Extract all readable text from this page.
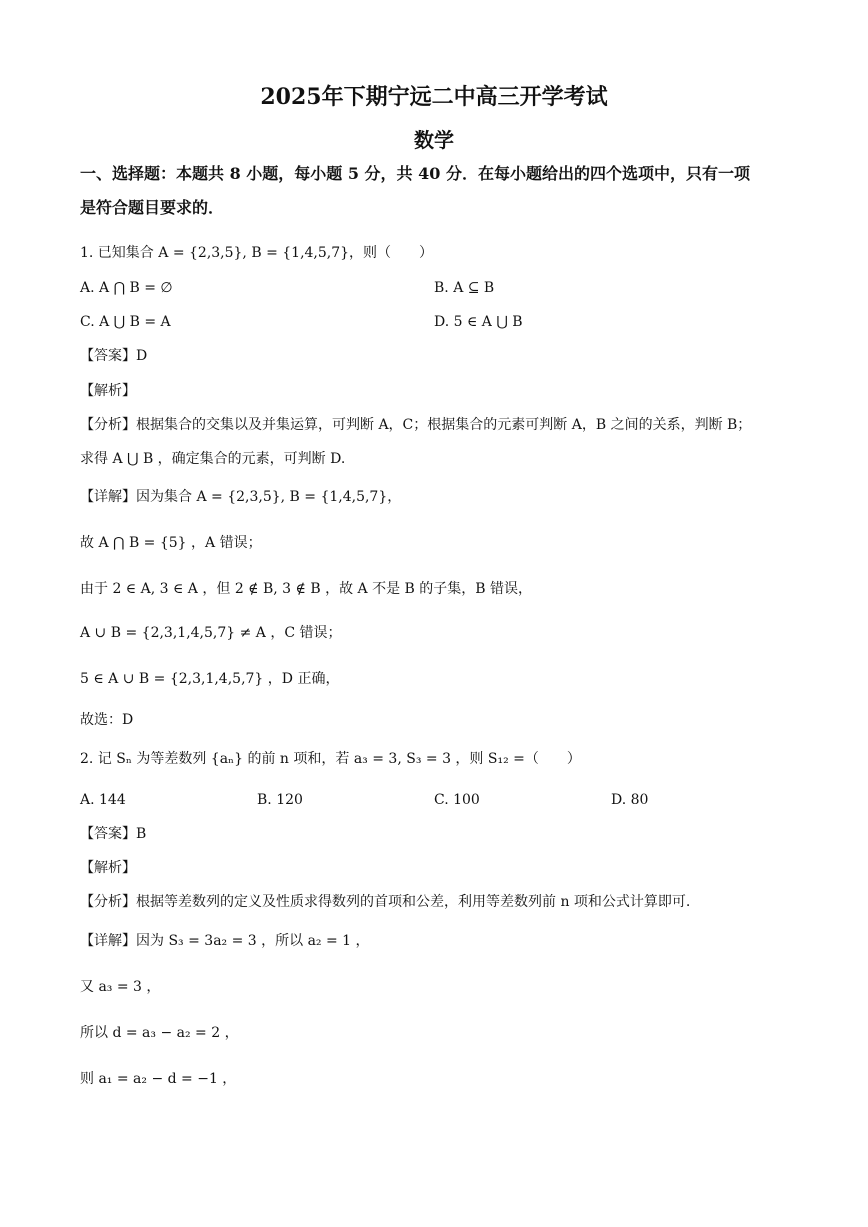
2025年下期宁远二中高三开学考试
数学
一、选择题：本题共 8 小题，每小题 5 分，共 40 分．在每小题给出的四个选项中，只有一项
是符合题目要求的．
1. 已知集合 A = {2,3,5}, B = {1,4,5,7}，则（　　）
A. A ⋂ B = ∅	B. A ⊆ B
C. A ⋃ B = A	D. 5 ∈ A ⋃ B
【答案】D
【解析】
【分析】根据集合的交集以及并集运算，可判断 A，C；根据集合的元素可判断 A，B 之间的关系，判断 B；
求得 A ⋃ B ，确定集合的元素，可判断 D.
【详解】因为集合 A = {2,3,5}, B = {1,4,5,7}，
故 A ⋂ B = {5} ，A 错误；
由于 2 ∈ A, 3 ∈ A ，但 2 ∉ B, 3 ∉ B ，故 A 不是 B 的子集，B 错误，
A ∪ B = {2,3,1,4,5,7} ≠ A ，C 错误；
5 ∈ A ∪ B = {2,3,1,4,5,7} ，D 正确，
故选：D
2. 记 Sₙ 为等差数列 {aₙ} 的前 n 项和，若 a₃ = 3, S₃ = 3 ，则 S₁₂ =（　　）
A. 144	B. 120	C. 100	D. 80
【答案】B
【解析】
【分析】根据等差数列的定义及性质求得数列的首项和公差，利用等差数列前 n 项和公式计算即可.
【详解】因为 S₃ = 3a₂ = 3 ，所以 a₂ = 1 ，
又 a₃ = 3 ，
所以 d = a₃ − a₂ = 2 ，
则 a₁ = a₂ − d = −1 ，
